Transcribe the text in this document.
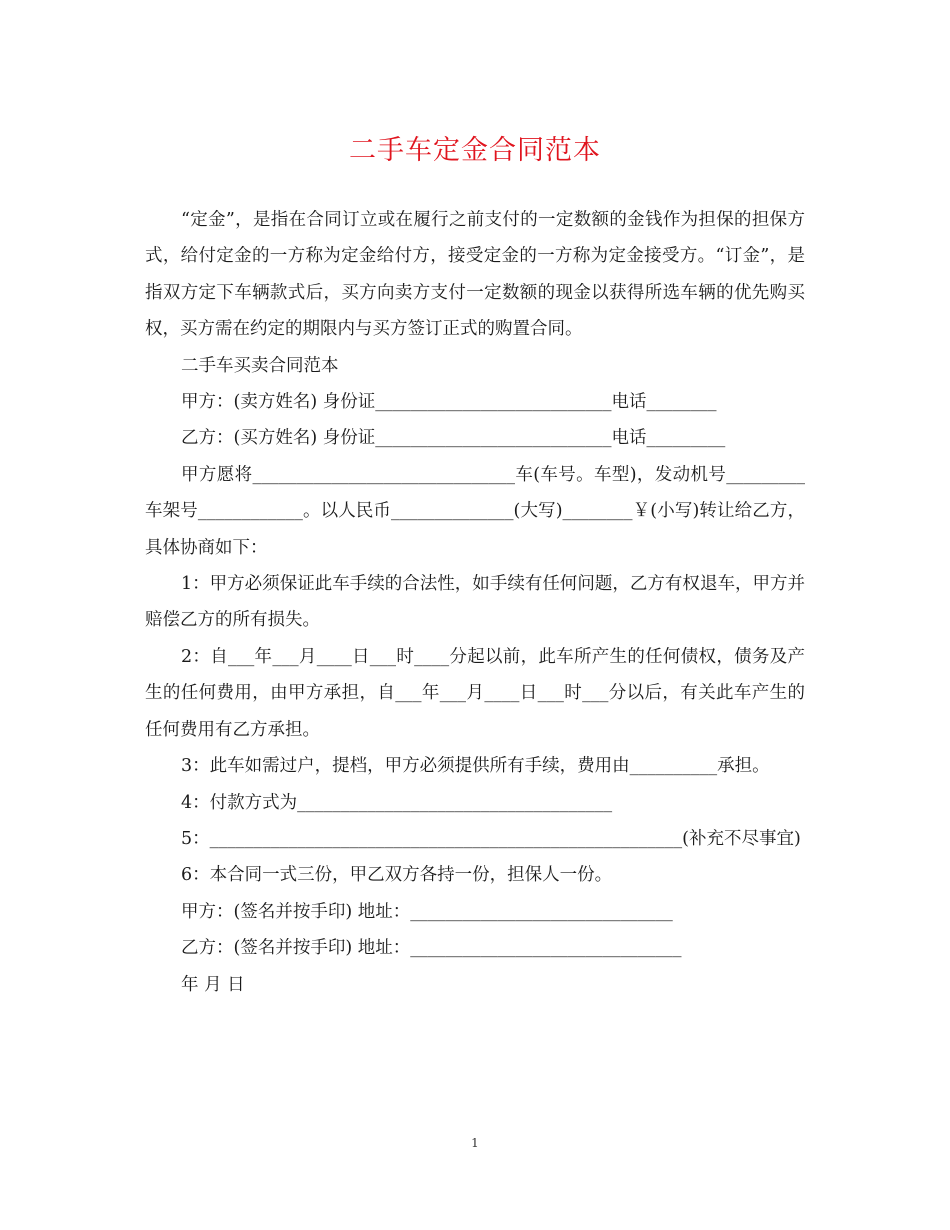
二手车定金合同范本

“定金”，是指在合同订立或在履行之前支付的一定数额的金钱作为担保的担保方式，给付定金的一方称为定金给付方，接受定金的一方称为定金接受方。“订金”，是指双方定下车辆款式后，买方向卖方支付一定数额的现金以获得所选车辆的优先购买权，买方需在约定的期限内与买方签订正式的购置合同。

二手车买卖合同范本

甲方：(卖方姓名) 身份证___________________________电话________

乙方：(买方姓名) 身份证___________________________电话_________

甲方愿将______________________________车(车号。车型)，发动机号_________车架号____________。以人民币______________(大写)________￥(小写)转让给乙方，具体协商如下：

1：甲方必须保证此车手续的合法性，如手续有任何问题，乙方有权退车，甲方并赔偿乙方的所有损失。

2：自___年___月____日___时____分起以前，此车所产生的任何债权，债务及产生的任何费用，由甲方承担，自___年___月____日___时___分以后，有关此车产生的任何费用有乙方承担。

3：此车如需过户，提档，甲方必须提供所有手续，费用由__________承担。

4：付款方式为____________________________________

5：______________________________________________________(补充不尽事宜)

6：本合同一式三份，甲乙双方各持一份，担保人一份。

甲方：(签名并按手印) 地址：______________________________

乙方：(签名并按手印) 地址：_______________________________

年 月 日

1
